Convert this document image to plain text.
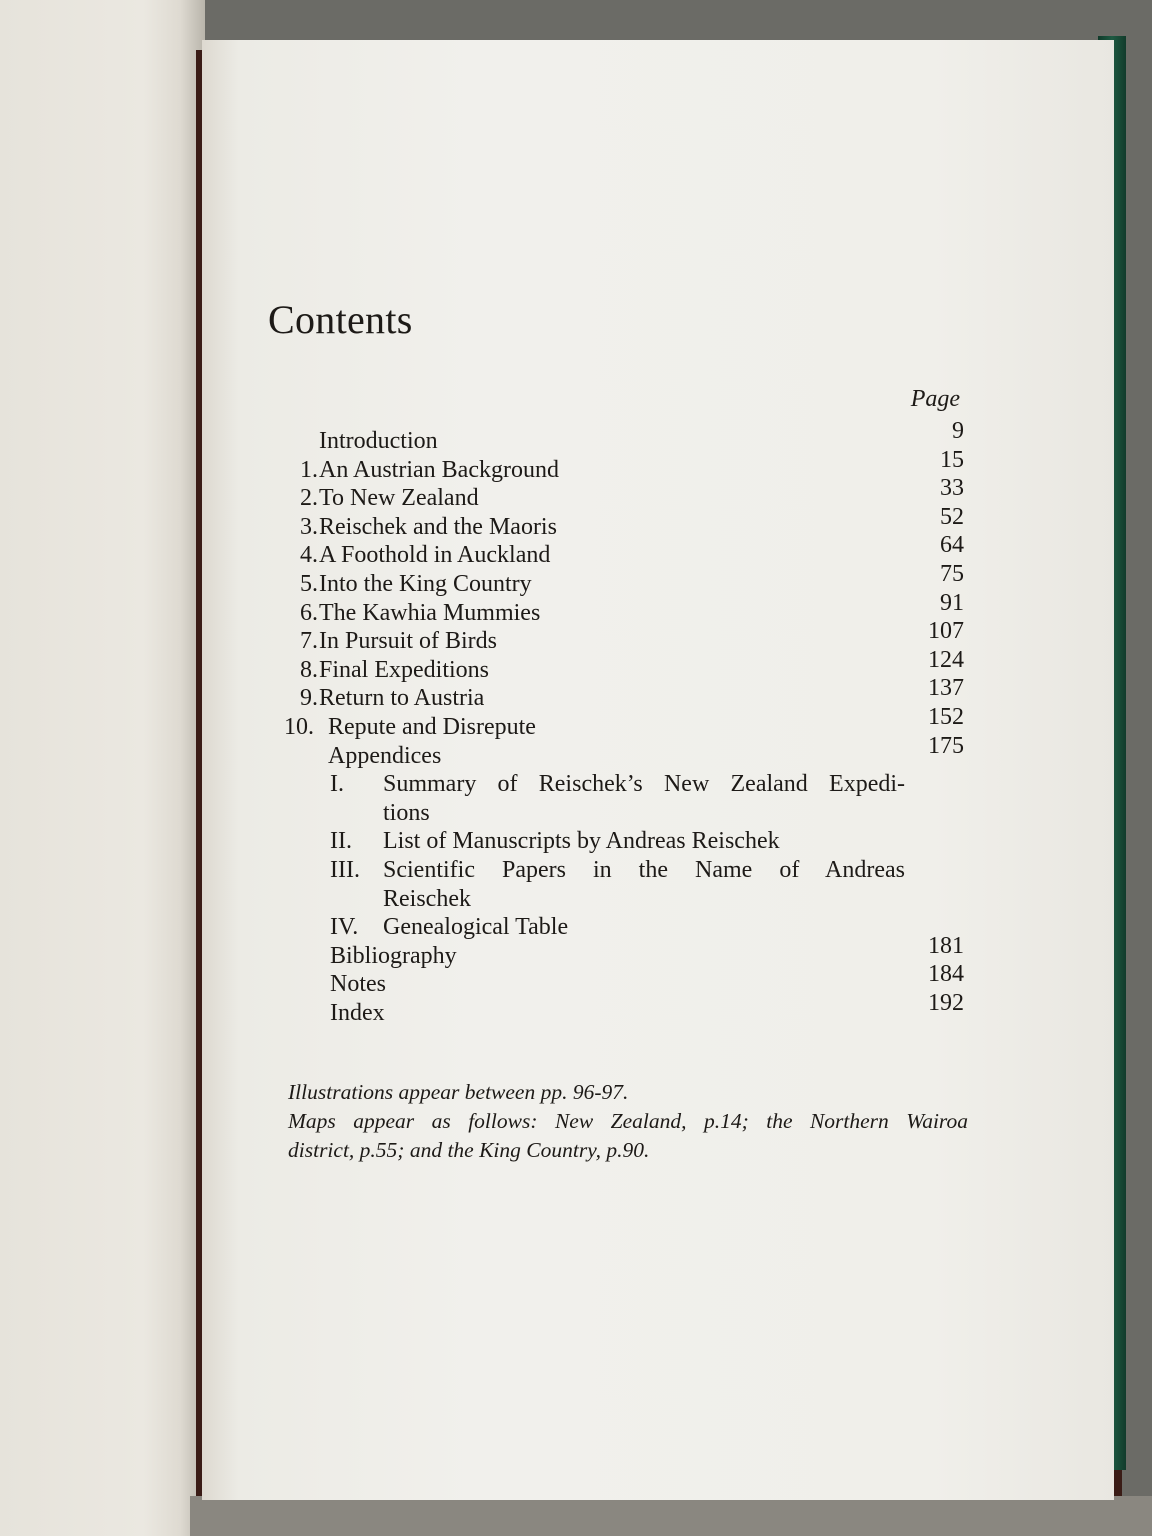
Contents
Page
Introduction	9
1. An Austrian Background	15
2. To New Zealand	33
3. Reischek and the Maoris	52
4. A Foothold in Auckland	64
5. Into the King Country	75
6. The Kawhia Mummies	91
7. In Pursuit of Birds	107
8. Final Expeditions	124
9. Return to Austria	137
10. Repute and Disrepute	152
Appendices	175
I. Summary of Reischek’s New Zealand Expedi-
tions
II. List of Manuscripts by Andreas Reischek
III. Scientific Papers in the Name of Andreas
Reischek
IV. Genealogical Table
Bibliography	181
Notes	184
Index	192
Illustrations appear between pp. 96-97.
Maps appear as follows: New Zealand, p.14; the Northern Wairoa
district, p.55; and the King Country, p.90.
